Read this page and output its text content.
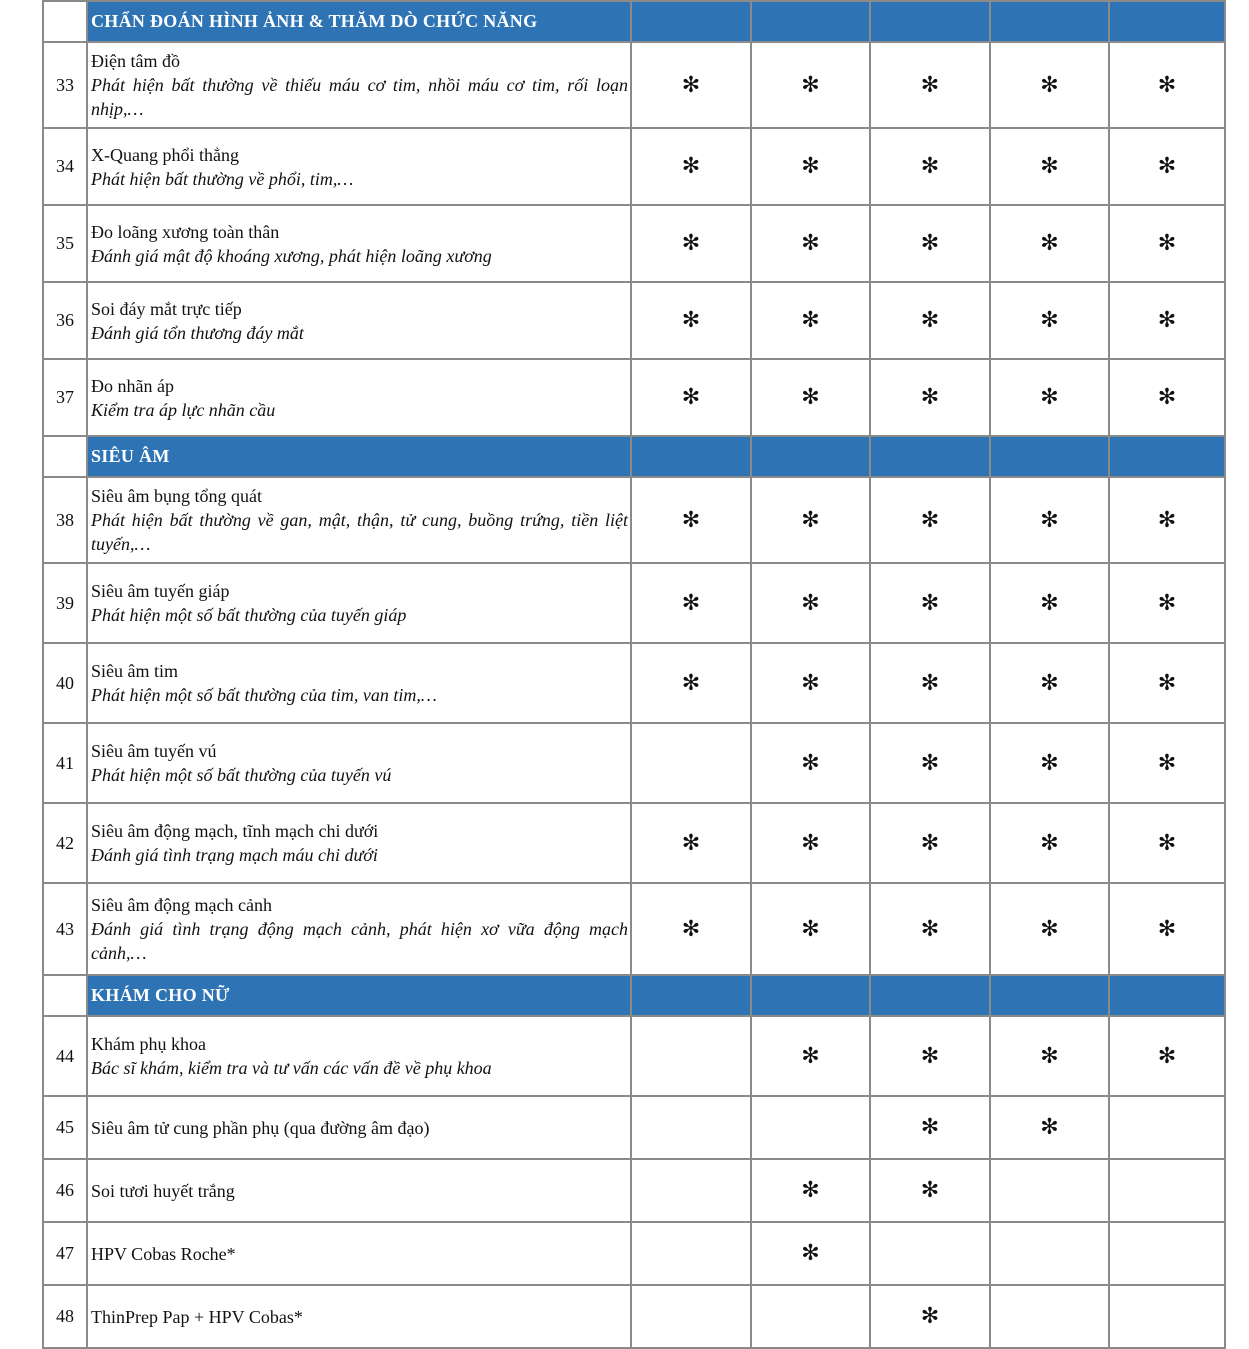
	CHẨN ĐOÁN HÌNH ẢNH & THĂM DÒ CHỨC NĂNG					
33	Điện tâm đồ
Phát hiện bất thường về thiếu máu cơ tim, nhồi máu cơ tim, rối loạn nhịp,…	✻	✻	✻	✻	✻
34	X-Quang phổi thẳng
Phát hiện bất thường về phổi, tim,…	✻	✻	✻	✻	✻
35	Đo loãng xương toàn thân
Đánh giá mật độ khoáng xương, phát hiện loãng xương	✻	✻	✻	✻	✻
36	Soi đáy mắt trực tiếp
Đánh giá tổn thương đáy mắt	✻	✻	✻	✻	✻
37	Đo nhãn áp
Kiểm tra áp lực nhãn cầu	✻	✻	✻	✻	✻
	SIÊU ÂM					
38	Siêu âm bụng tổng quát
Phát hiện bất thường về gan, mật, thận, tử cung, buồng trứng, tiền liệt tuyến,…	✻	✻	✻	✻	✻
39	Siêu âm tuyến giáp
Phát hiện một số bất thường của tuyến giáp	✻	✻	✻	✻	✻
40	Siêu âm tim
Phát hiện một số bất thường của tim, van tim,…	✻	✻	✻	✻	✻
41	Siêu âm tuyến vú
Phát hiện một số bất thường của tuyến vú		✻	✻	✻	✻
42	Siêu âm động mạch, tĩnh mạch chi dưới
Đánh giá tình trạng mạch máu chi dưới	✻	✻	✻	✻	✻
43	Siêu âm động mạch cảnh
Đánh giá tình trạng động mạch cảnh, phát hiện xơ vữa động mạch cảnh,…	✻	✻	✻	✻	✻
	KHÁM CHO NỮ					
44	Khám phụ khoa
Bác sĩ khám, kiểm tra và tư vấn các vấn đề về phụ khoa		✻	✻	✻	✻
45	Siêu âm tử cung phần phụ (qua đường âm đạo)			✻	✻	
46	Soi tươi huyết trắng		✻	✻		
47	HPV Cobas Roche*		✻			
48	ThinPrep Pap + HPV Cobas*			✻		
